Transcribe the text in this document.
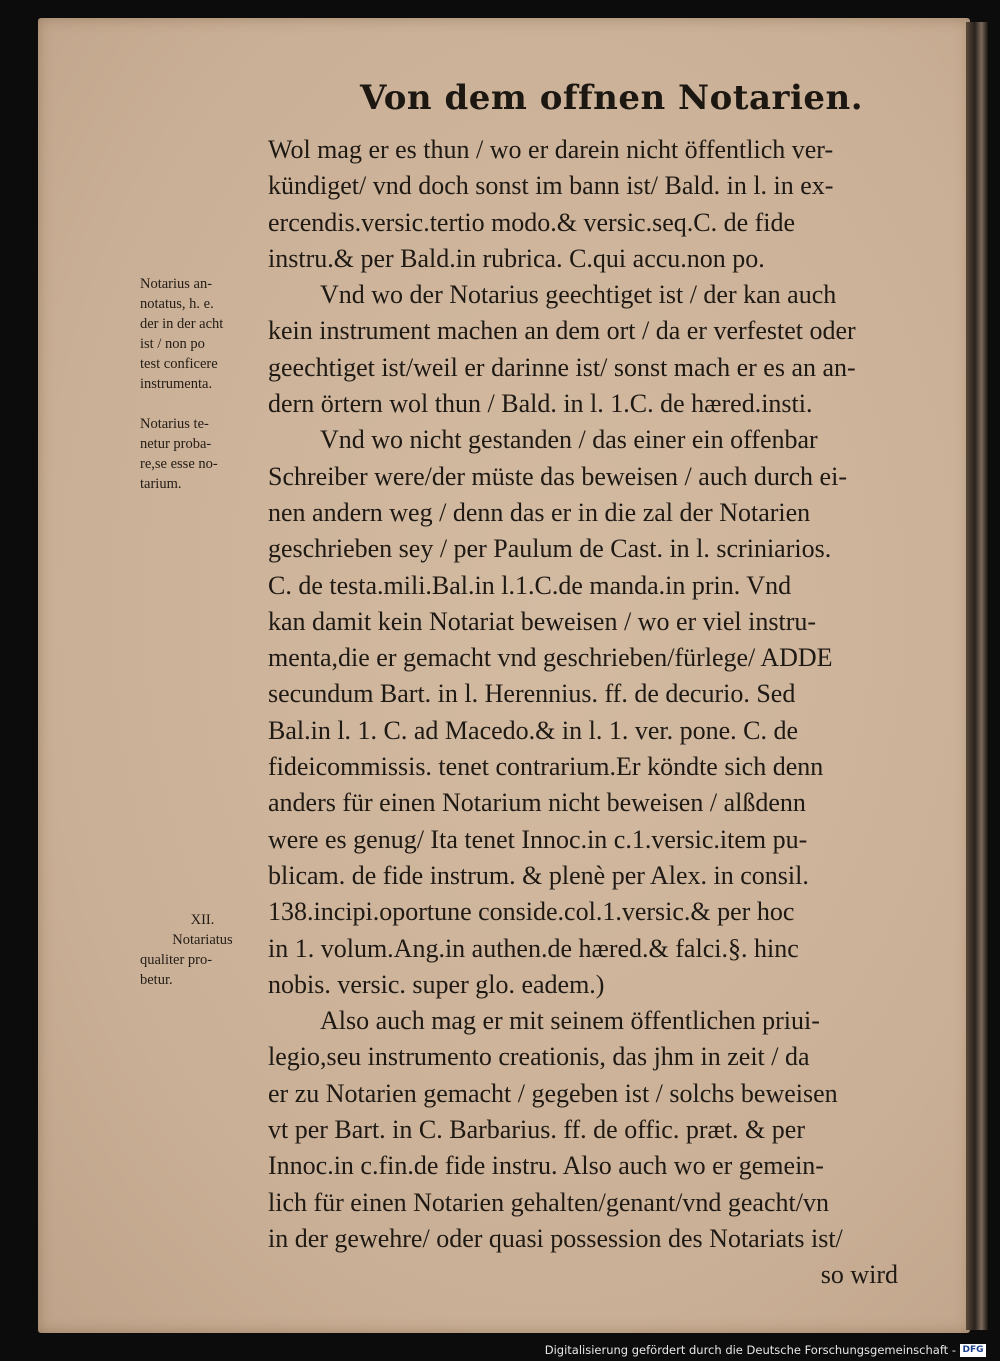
Von dem offnen Notarien.
Wol mag er es thun / wo er darein nicht öffentlich ver-
kündiget/ vnd doch sonst im bann ist/ Bald. in l. in ex-
ercendis.versic.tertio modo.& versic.seq.C. de fide
instru.& per Bald.in rubrica. C.qui accu.non po.
Vnd wo der Notarius geechtiget ist / der kan auch
kein instrument machen an dem ort / da er verfestet oder
geechtiget ist/weil er darinne ist/ sonst mach er es an an-
dern örtern wol thun / Bald. in l. 1.C. de hæred.insti.
Vnd wo nicht gestanden / das einer ein offenbar
Schreiber were/der müste das beweisen / auch durch ei-
nen andern weg / denn das er in die zal der Notarien
geschrieben sey / per Paulum de Cast. in l. scriniarios.
C. de testa.mili.Bal.in l.1.C.de manda.in prin. Vnd
kan damit kein Notariat beweisen / wo er viel instru-
menta,die er gemacht vnd geschrieben/fürlege/ ADDE
secundum Bart. in l. Herennius. ff. de decurio. Sed
Bal.in l. 1. C. ad Macedo.& in l. 1. ver. pone. C. de
fideicommissis. tenet contrarium.Er köndte sich denn
anders für einen Notarium nicht beweisen / alßdenn
were es genug/ Ita tenet Innoc.in c.1.versic.item pu-
blicam. de fide instrum. & plenè per Alex. in consil.
138.incipi.oportune conside.col.1.versic.& per hoc
in 1. volum.Ang.in authen.de hæred.& falci.§. hinc
nobis. versic. super glo. eadem.)
Also auch mag er mit seinem öffentlichen priui-
legio,seu instrumento creationis, das jhm in zeit / da
er zu Notarien gemacht / gegeben ist / solchs beweisen
vt per Bart. in C. Barbarius. ff. de offic. præt. & per
Innoc.in c.fin.de fide instru. Also auch wo er gemein-
lich für einen Notarien gehalten/genant/vnd geacht/vn
in der gewehre/ oder quasi possession des Notariats ist/
so wird
Notarius an-
notatus, h. e.
der in der acht
ist / non po
test conficere
instrumenta.
Notarius te-
netur proba-
re,se esse no-
tarium.
XII.
Notariatus
qualiter pro-
betur.
Digitalisierung gefördert durch die Deutsche Forschungsgemeinschaft - DFG
